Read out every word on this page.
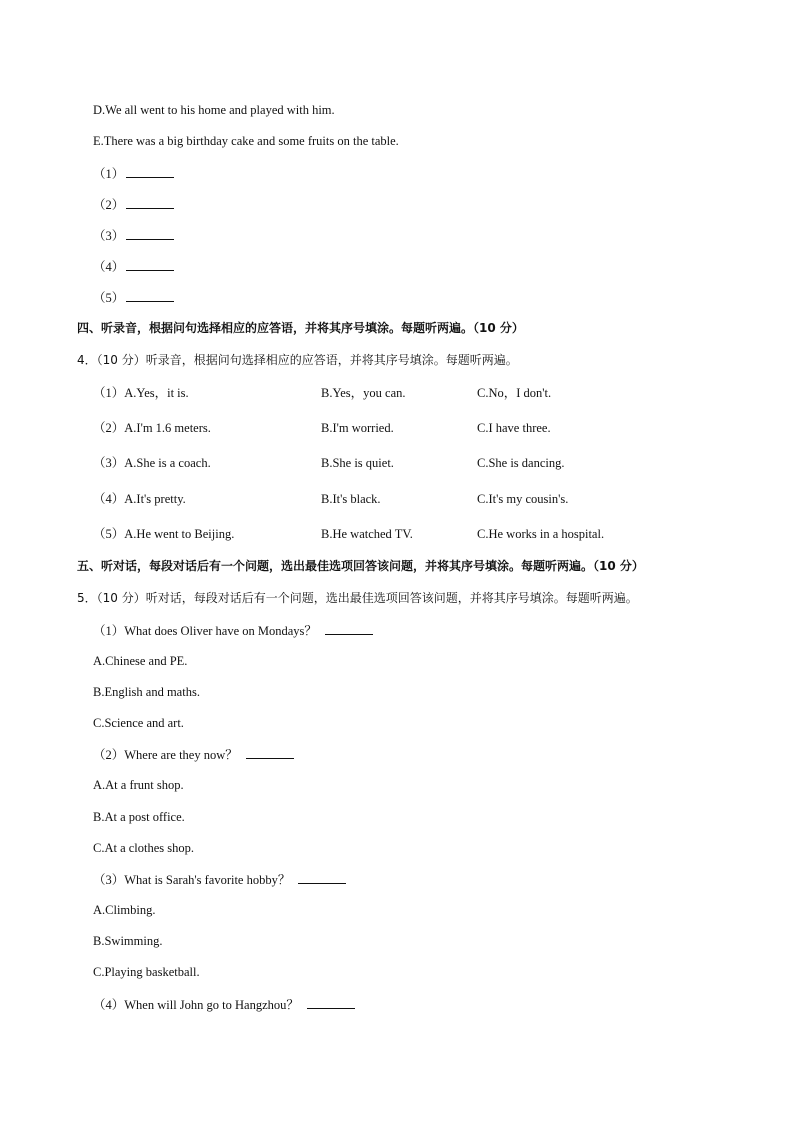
D.We all went to his home and played with him.
E.There was a big birthday cake and some fruits on the table.
（1）
（2）
（3）
（4）
（5）
四、听录音，根据问句选择相应的应答语，并将其序号填涂。每题听两遍。（10 分）
4．（10 分）听录音，根据问句选择相应的应答语，并将其序号填涂。每题听两遍。
（1）A.Yes，it is.	B.Yes，you can.	C.No，I don't.
（2）A.I'm 1.6 meters.	B.I'm worried.	C.I have three.
（3）A.She is a coach.	B.She is quiet.	C.She is dancing.
（4）A.It's pretty.	B.It's black.	C.It's my cousin's.
（5）A.He went to Beijing.	B.He watched TV.	C.He works in a hospital.
五、听对话，每段对话后有一个问题，选出最佳选项回答该问题，并将其序号填涂。每题听两遍。（10 分）
5．（10 分）听对话，每段对话后有一个问题，选出最佳选项回答该问题，并将其序号填涂。每题听两遍。
（1）What does Oliver have on Mondays？
A.Chinese and PE.
B.English and maths.
C.Science and art.
（2）Where are they now？
A.At a frunt shop.
B.At a post office.
C.At a clothes shop.
（3）What is Sarah's favorite hobby？
A.Climbing.
B.Swimming.
C.Playing basketball.
（4）When will John go to Hangzhou？
